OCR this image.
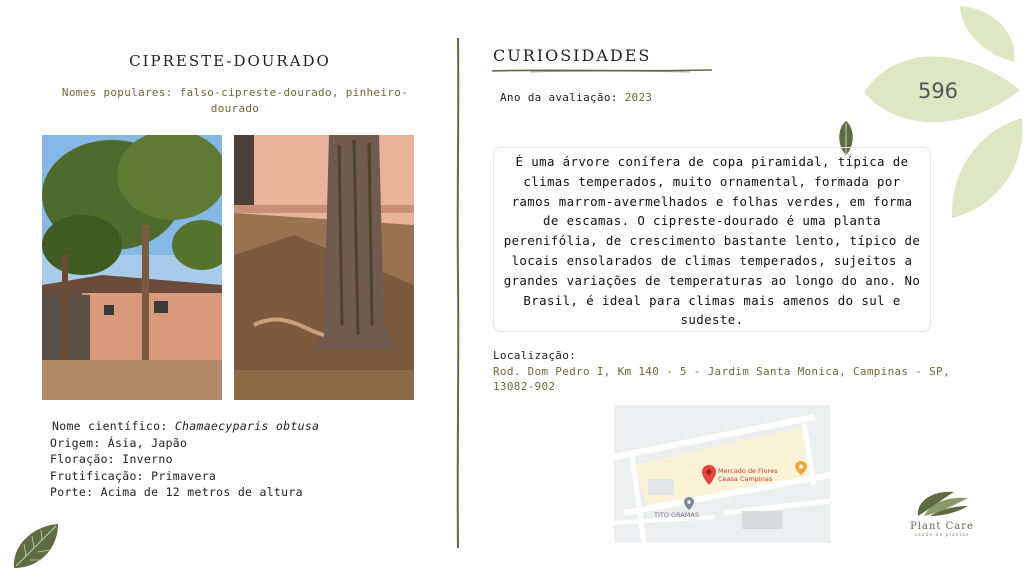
596
CIPRESTE-DOURADO
Nomes populares: falso-cipreste-dourado, pinheiro-dourado
Nome científico: Chamaecyparis obtusa
Origem: Ásia, Japão
Floração: Inverno
Frutificação: Primavera
Porte: Acima de 12 metros de altura
CURIOSIDADES
Ano da avaliação: 2023
É uma árvore conífera de copa piramidal, típica de climas temperados, muito ornamental, formada por ramos marrom-avermelhados e folhas verdes, em forma de escamas. O cipreste-dourado é uma planta perenifólia, de crescimento bastante lento, típico de locais ensolarados de climas temperados, sujeitos a grandes variações de temperaturas ao longo do ano. No Brasil, é ideal para climas mais amenos do sul e sudeste.
Localização:
Rod. Dom Pedro I, Km 140 - 5 - Jardim Santa Monica, Campinas - SP, 13082-902
Mercado de Flores
Ceasa Campinas
TITO GRAMAS
Plant Care
saúde de plantas
